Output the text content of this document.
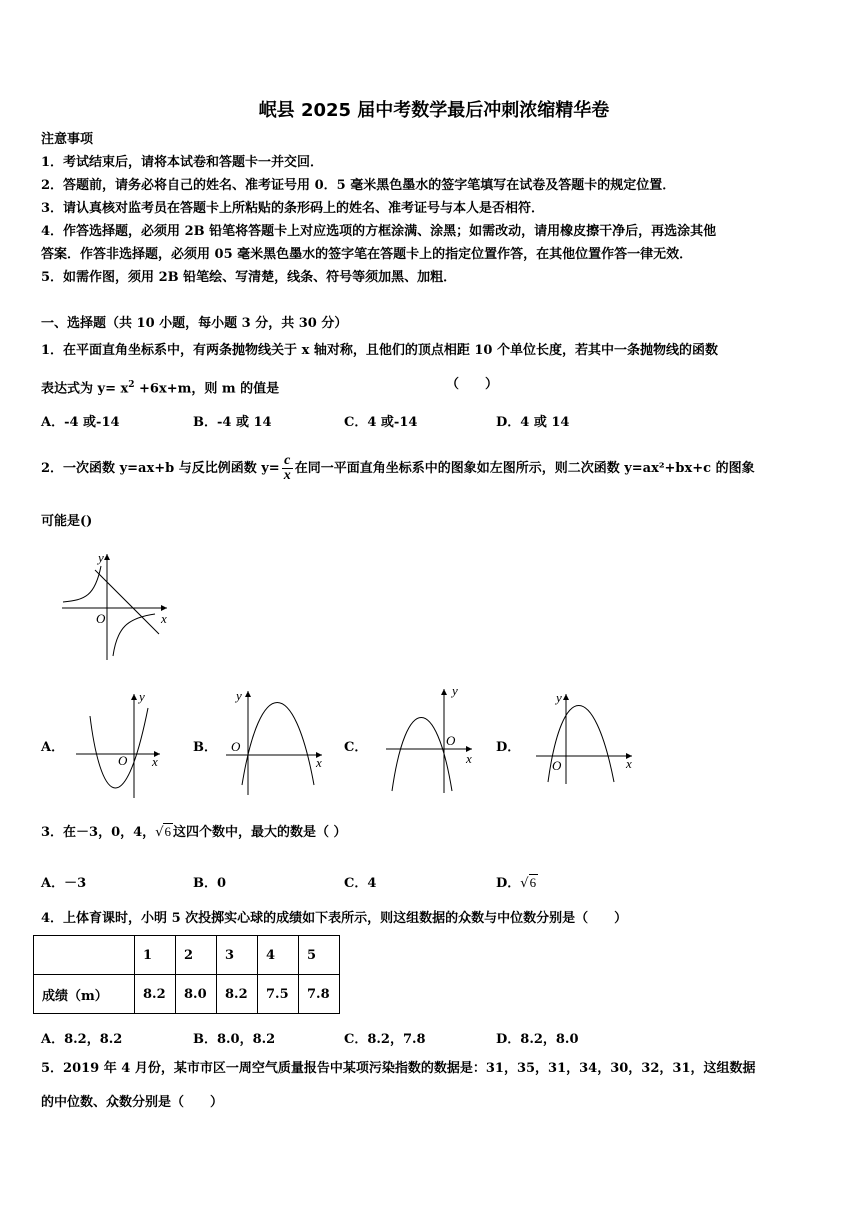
岷县 2025 届中考数学最后冲刺浓缩精华卷
注意事项
1．考试结束后，请将本试卷和答题卡一并交回．
2．答题前，请务必将自己的姓名、准考证号用 0．5 毫米黑色墨水的签字笔填写在试卷及答题卡的规定位置．
3．请认真核对监考员在答题卡上所粘贴的条形码上的姓名、准考证号与本人是否相符．
4．作答选择题，必须用 2B 铅笔将答题卡上对应选项的方框涂满、涂黑；如需改动，请用橡皮擦干净后，再选涂其他
答案．作答非选择题，必须用 05 毫米黑色墨水的签字笔在答题卡上的指定位置作答，在其他位置作答一律无效．
5．如需作图，须用 2B 铅笔绘、写清楚，线条、符号等须加黑、加粗．
一、选择题（共 10 小题，每小题 3 分，共 30 分）
1．在平面直角坐标系中，有两条抛物线关于 x 轴对称，且他们的顶点相距 10 个单位长度，若其中一条抛物线的函数
表达式为 $y= x^2 +6x+m$，则 m 的值是	（　　）
A．-4 或-14	B．-4 或 14	C．4 或-14	D．4 或 14
2．一次函数 y=ax+b 与反比例函数 $y= \frac{c}{x}$ 在同一平面直角坐标系中的图象如左图所示，则二次函数 y=ax²+bx+c 的图象
可能是()
x
y
O
A．
x
y
O
B．
x
y
O	C．
x
y
O	D．
x
y
O
3．在－3，0，4，√6 这四个数中，最大的数是（ ）
A．－3	B．0	C．4	D．√6
4．上体育课时，小明 5 次投掷实心球的成绩如下表所示，则这组数据的众数与中位数分别是（　　）
	1	2	3	4	5
成绩（m）	8.2	8.0	8.2	7.5	7.8
A．8.2，8.2	B．8.0，8.2	C．8.2，7.8	D．8.2，8.0
5．2019 年 4 月份，某市市区一周空气质量报告中某项污染指数的数据是：31，35，31，34，30，32，31，这组数据
的中位数、众数分别是（　　）
